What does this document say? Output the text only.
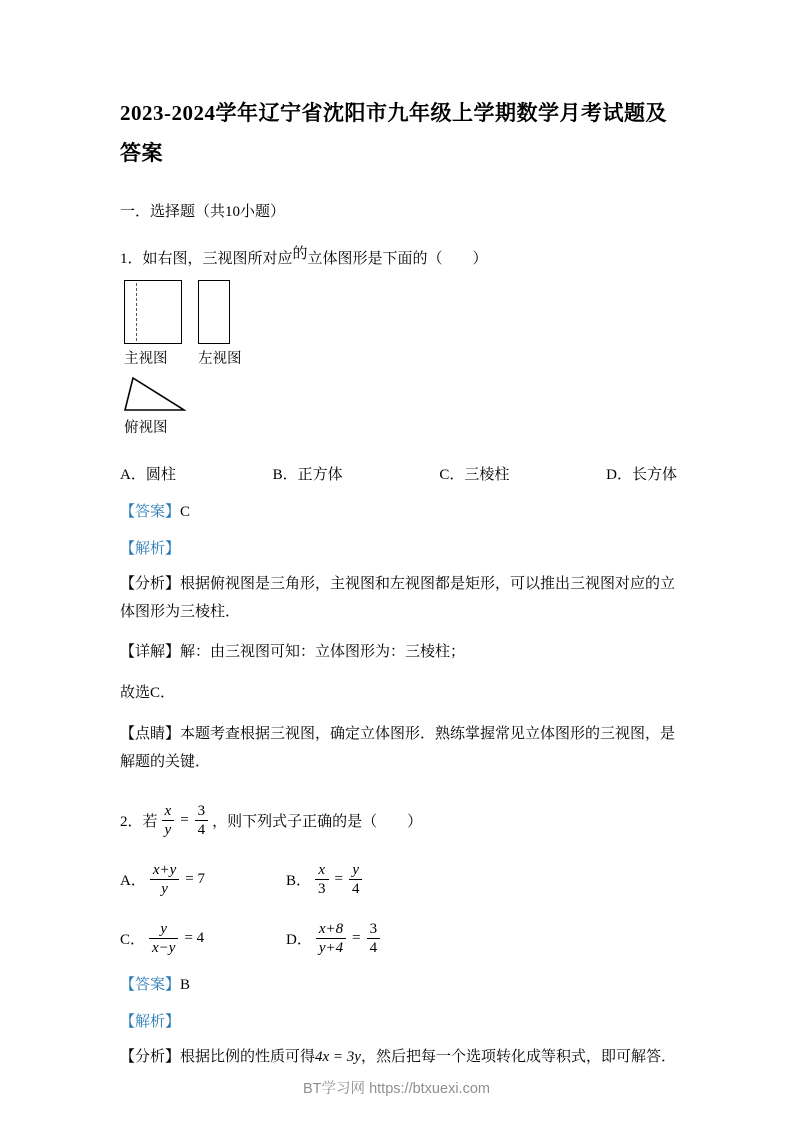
2023-2024学年辽宁省沈阳市九年级上学期数学月考试题及答案
一．选择题（共10小题）
1．如右图，三视图所对应的立体图形是下面的（　　）
主视图	左视图
俯视图
A．圆柱	B．正方体	C．三棱柱	D．长方体
【答案】C
【解析】
【分析】根据俯视图是三角形，主视图和左视图都是矩形，可以推出三视图对应的立体图形为三棱柱．
【详解】解：由三视图可知：立体图形为：三棱柱；
故选C．
【点睛】本题考查根据三视图，确定立体图形．熟练掌握常见立体图形的三视图，是解题的关键．
2．若 $\frac{x}{y} = \frac{3}{4}$ ，则下列式子正确的是（　　）
A． $\frac{x+y}{y} = 7$	B． $\frac{x}{3} = \frac{y}{4}$
C． $\frac{y}{x-y} = 4$	D． $\frac{x+8}{y+4} = \frac{3}{4}$
【答案】B
【解析】
【分析】根据比例的性质可得4x = 3y，然后把每一个选项转化成等积式，即可解答．
BT学习网 https://btxuexi.com
